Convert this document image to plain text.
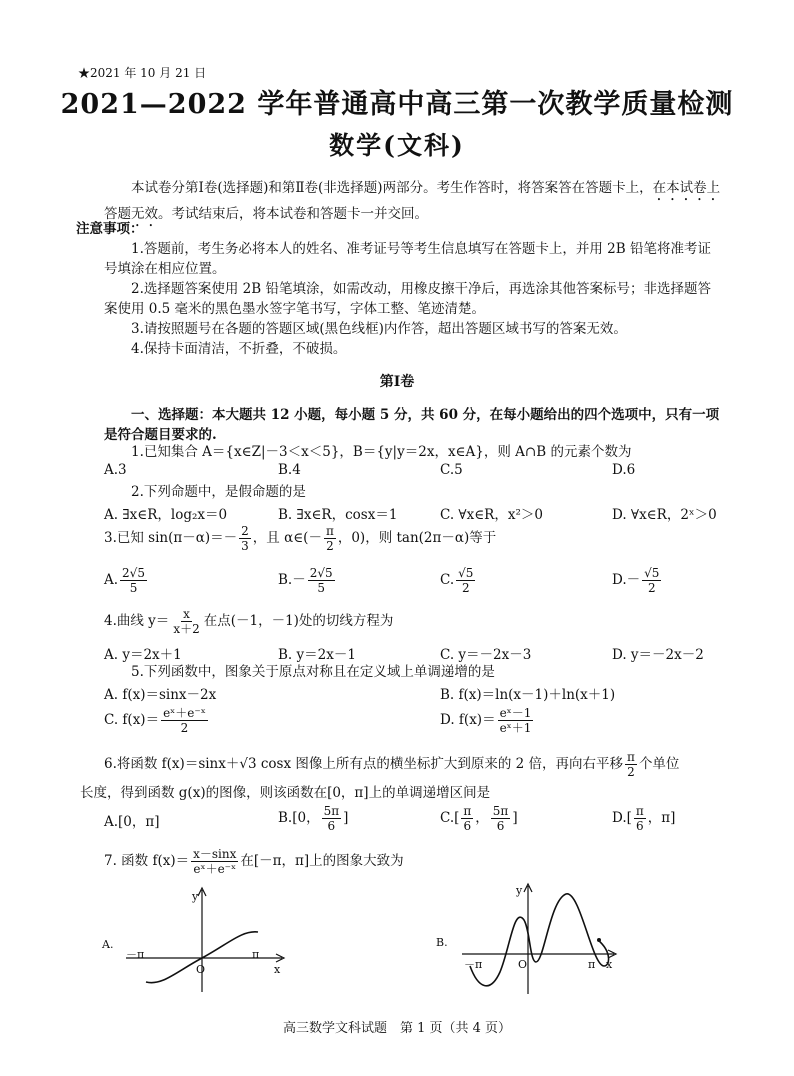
★2021 年 10 月 21 日
2021—2022 学年普通高中高三第一次教学质量检测
数学(文科)
本试卷分第Ⅰ卷(选择题)和第Ⅱ卷(非选择题)两部分。考生作答时，将答案答在答题卡上，在本试卷上答题无效。考试结束后，将本试卷和答题卡一并交回。
注意事项：
1.答题前，考生务必将本人的姓名、准考证号等考生信息填写在答题卡上，并用 2B 铅笔将准考证号填涂在相应位置。
2.选择题答案使用 2B 铅笔填涂，如需改动，用橡皮擦干净后，再选涂其他答案标号；非选择题答案使用 0.5 毫米的黑色墨水签字笔书写，字体工整、笔迹清楚。
3.请按照题号在各题的答题区域(黑色线框)内作答，超出答题区域书写的答案无效。
4.保持卡面清洁，不折叠，不破损。
第Ⅰ卷
一、选择题：本大题共 12 小题，每小题 5 分，共 60 分，在每小题给出的四个选项中，只有一项是符合题目要求的.
1.已知集合 A＝{x∈Z|－3＜x＜5}，B＝{y|y＝2x，x∈A}，则 A∩B 的元素个数为
A.3	B.4	C.5	D.6
2.下列命题中，是假命题的是
A. ∃x∈R，log₂x＝0	B. ∃x∈R，cosx＝1	C. ∀x∈R，x²＞0	D. ∀x∈R，2ˣ＞0
3.已知 $\sin(\pi-\alpha)=- \frac{2}{3}$ ，且 α∈(－ $\frac{\pi}{2}$ ，0)，则 tan(2π－α)等于
A. $\frac{2√5}{5}$	$B.- \frac{2√5}{5}$	C. $\frac{√5}{2}$	$D.- \frac{√5}{2}$
4.曲线 $y= \frac{x}{x+2}$ 在点(－1，－1)处的切线方程为
A. y＝2x＋1	B. y＝2x－1	C. y＝－2x－3	D. y＝－2x－2
5.下列函数中，图象关于原点对称且在定义域上单调递增的是
A. f(x)＝sinx－2x	B. f(x)＝ln(x－1)＋ln(x＋1)
C. $f(x)= \frac{\text{eˣ＋e⁻ˣ}}{2}$	D. $f(x)= \frac{\text{eˣ－1}}{\text{eˣ＋1}}$
6.将函数 f(x)＝sinx＋√3 cosx 图像上所有点的横坐标扩大到原来的 2 倍，再向右平移 $\frac{\pi}{2}$ 个单位
长度，得到函数 g(x)的图像，则该函数在[0，π]上的单调递增区间是
A.[0，π]	B.[0， $\frac{5\pi}{6}$ ]	$C.[ \frac{\pi}{6}$ ， $\frac{5\pi}{6}$ ]	$D.[ \frac{\pi}{6}$ ，π]
7. 函数 $f(x)= \frac{x-\sin x}{\text{eˣ＋e⁻ˣ}}$ 在[－π，π]上的图象大致为
A.
y
x
O
－π	π
B.
y
x
O
－π	π
高三数学文科试题　第 1 页（共 4 页）
